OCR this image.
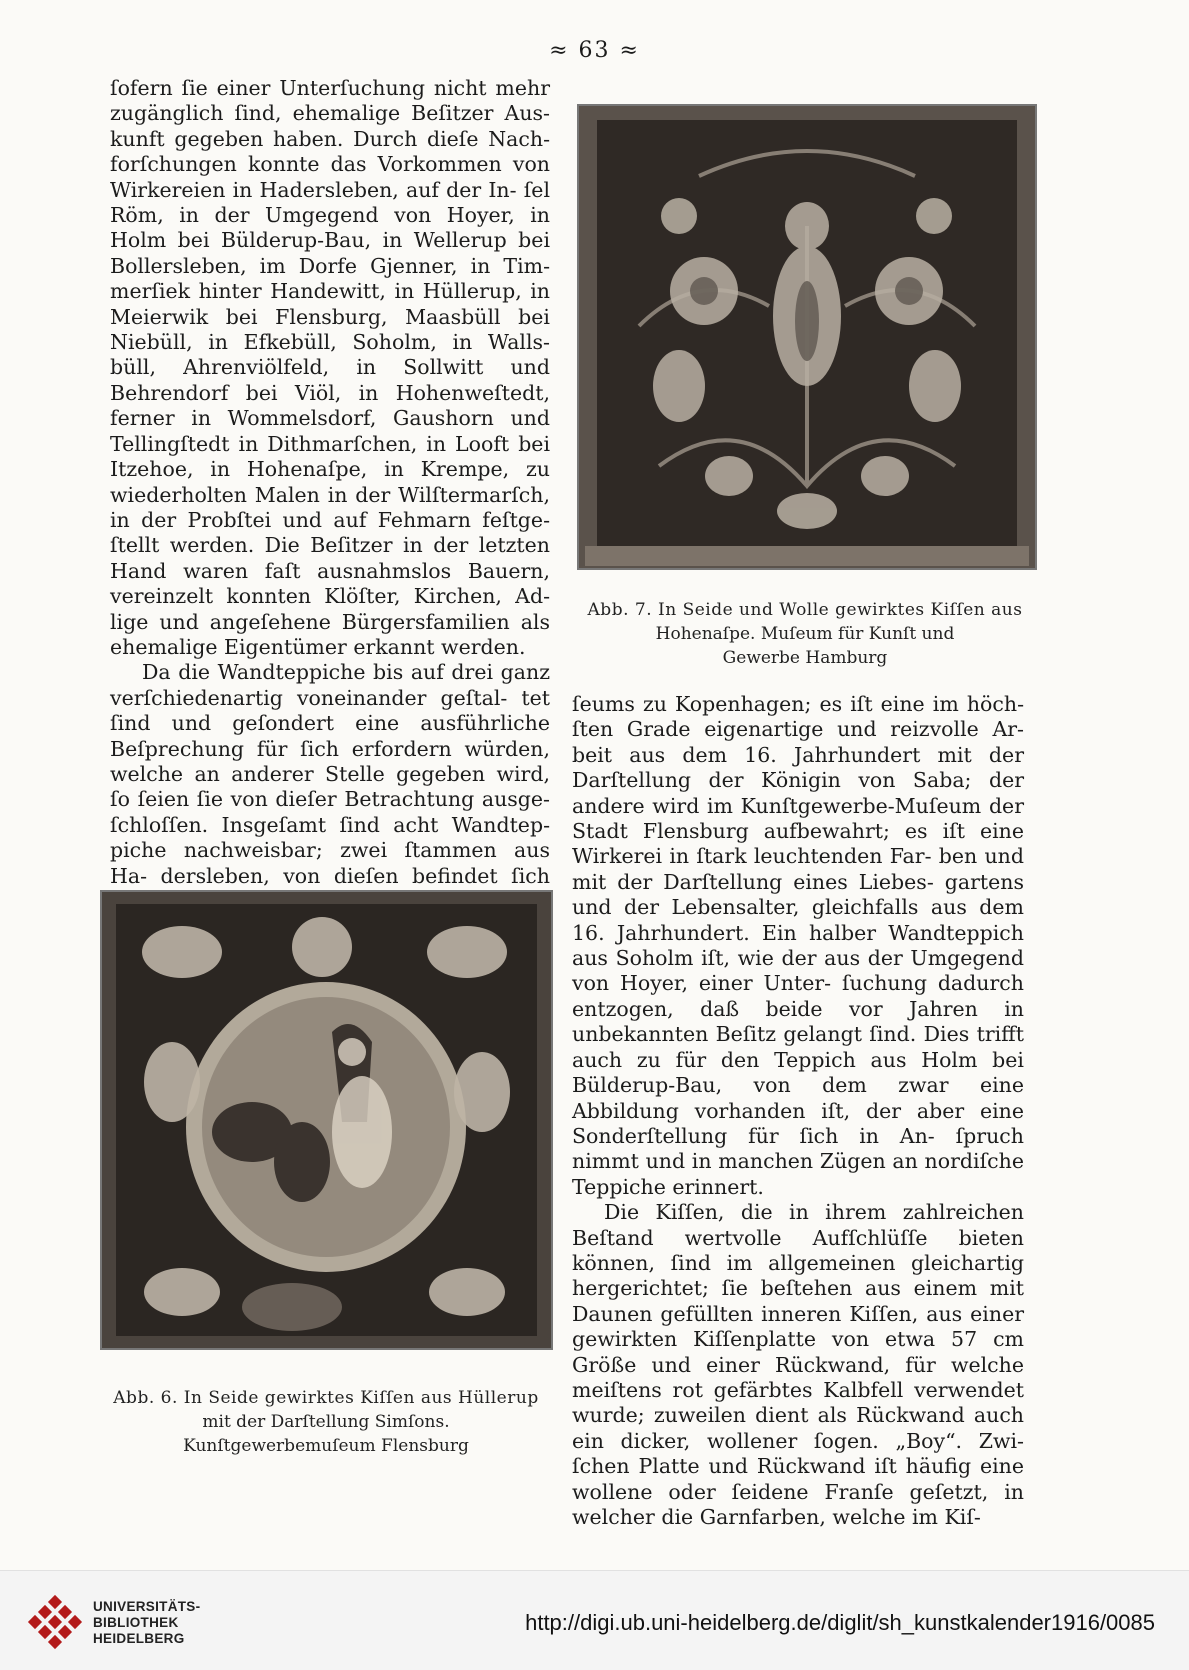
≈ 63 ≈

ſofern ſie einer Unterſuchung nicht mehr zugänglich ſind, ehemalige Beſitzer Aus- kunft gegeben haben. Durch dieſe Nach- forſchungen konnte das Vorkommen von Wirkereien in Hadersleben, auf der In- ſel Röm, in der Umgegend von Hoyer, in Holm bei Bülderup-Bau, in Wellerup bei Bollersleben, im Dorfe Gjenner, in Tim- merſiek hinter Handewitt, in Hüllerup, in Meierwik bei Flensburg, Maasbüll bei Niebüll, in Efkebüll, Soholm, in Walls- büll, Ahrenviölfeld, in Sollwitt und Behrendorf bei Viöl, in Hohenweſtedt, ferner in Wommelsdorf, Gaushorn und Tellingſtedt in Dithmarſchen, in Looft bei Itzehoe, in Hohenaſpe, in Krempe, zu wiederholten Malen in der Wilſtermarſch, in der Probſtei und auf Fehmarn feſtge- ſtellt werden. Die Beſitzer in der letzten Hand waren faſt ausnahmslos Bauern, vereinzelt konnten Klöſter, Kirchen, Ad- lige und angeſehene Bürgersfamilien als ehemalige Eigentümer erkannt werden.

Da die Wandteppiche bis auf drei ganz verſchiedenartig voneinander geſtal- tet ſind und geſondert eine ausführliche Beſprechung für ſich erfordern würden, welche an anderer Stelle gegeben wird, ſo ſeien ſie von dieſer Betrachtung ausge- ſchloſſen. Insgeſamt ſind acht Wandtep- piche nachweisbar; zwei ſtammen aus Ha- dersleben, von dieſen befindet ſich

Abb. 7. In Seide und Wolle gewirktes Kiſſen aus
Hohenaſpe. Muſeum für Kunſt und
Gewerbe Hamburg
Abb. 6. In Seide gewirktes Kiſſen aus Hüllerup
mit der Darſtellung Simſons.
Kunſtgewerbemuſeum Flensburg

ſeums zu Kopenhagen; es iſt eine im höch- ſten Grade eigenartige und reizvolle Ar- beit aus dem 16. Jahrhundert mit der Darſtellung der Königin von Saba; der andere wird im Kunſtgewerbe-Muſeum der Stadt Flensburg aufbewahrt; es iſt eine Wirkerei in ſtark leuchtenden Far- ben und mit der Darſtellung eines Liebes- gartens und der Lebensalter, gleichfalls aus dem 16. Jahrhundert. Ein halber Wandteppich aus Soholm iſt, wie der aus der Umgegend von Hoyer, einer Unter- ſuchung dadurch entzogen, daß beide vor Jahren in unbekannten Beſitz gelangt ſind. Dies trifft auch zu für den Teppich aus Holm bei Bülderup-Bau, von dem zwar eine Abbildung vorhanden iſt, der aber eine Sonderſtellung für ſich in An- ſpruch nimmt und in manchen Zügen an nordiſche Teppiche erinnert.

Die Kiſſen, die in ihrem zahlreichen Beſtand wertvolle Aufſchlüſſe bieten können, ſind im allgemeinen gleichartig hergerichtet; ſie beſtehen aus einem mit Daunen gefüllten inneren Kiſſen, aus einer gewirkten Kiſſenplatte von etwa 57 cm Größe und einer Rückwand, für welche meiſtens rot gefärbtes Kalbfell verwendet wurde; zuweilen dient als Rückwand auch ein dicker, wollener ſogen. „Boy“. Zwi- ſchen Platte und Rückwand iſt häufig eine wollene oder ſeidene Franſe geſetzt, in welcher die Garnfarben, welche im Kiſ-

UNIVERSITÄTS-
BIBLIOTHEK
HEIDELBERG
http://digi.ub.uni-heidelberg.de/diglit/sh_kunstkalender1916/0085
